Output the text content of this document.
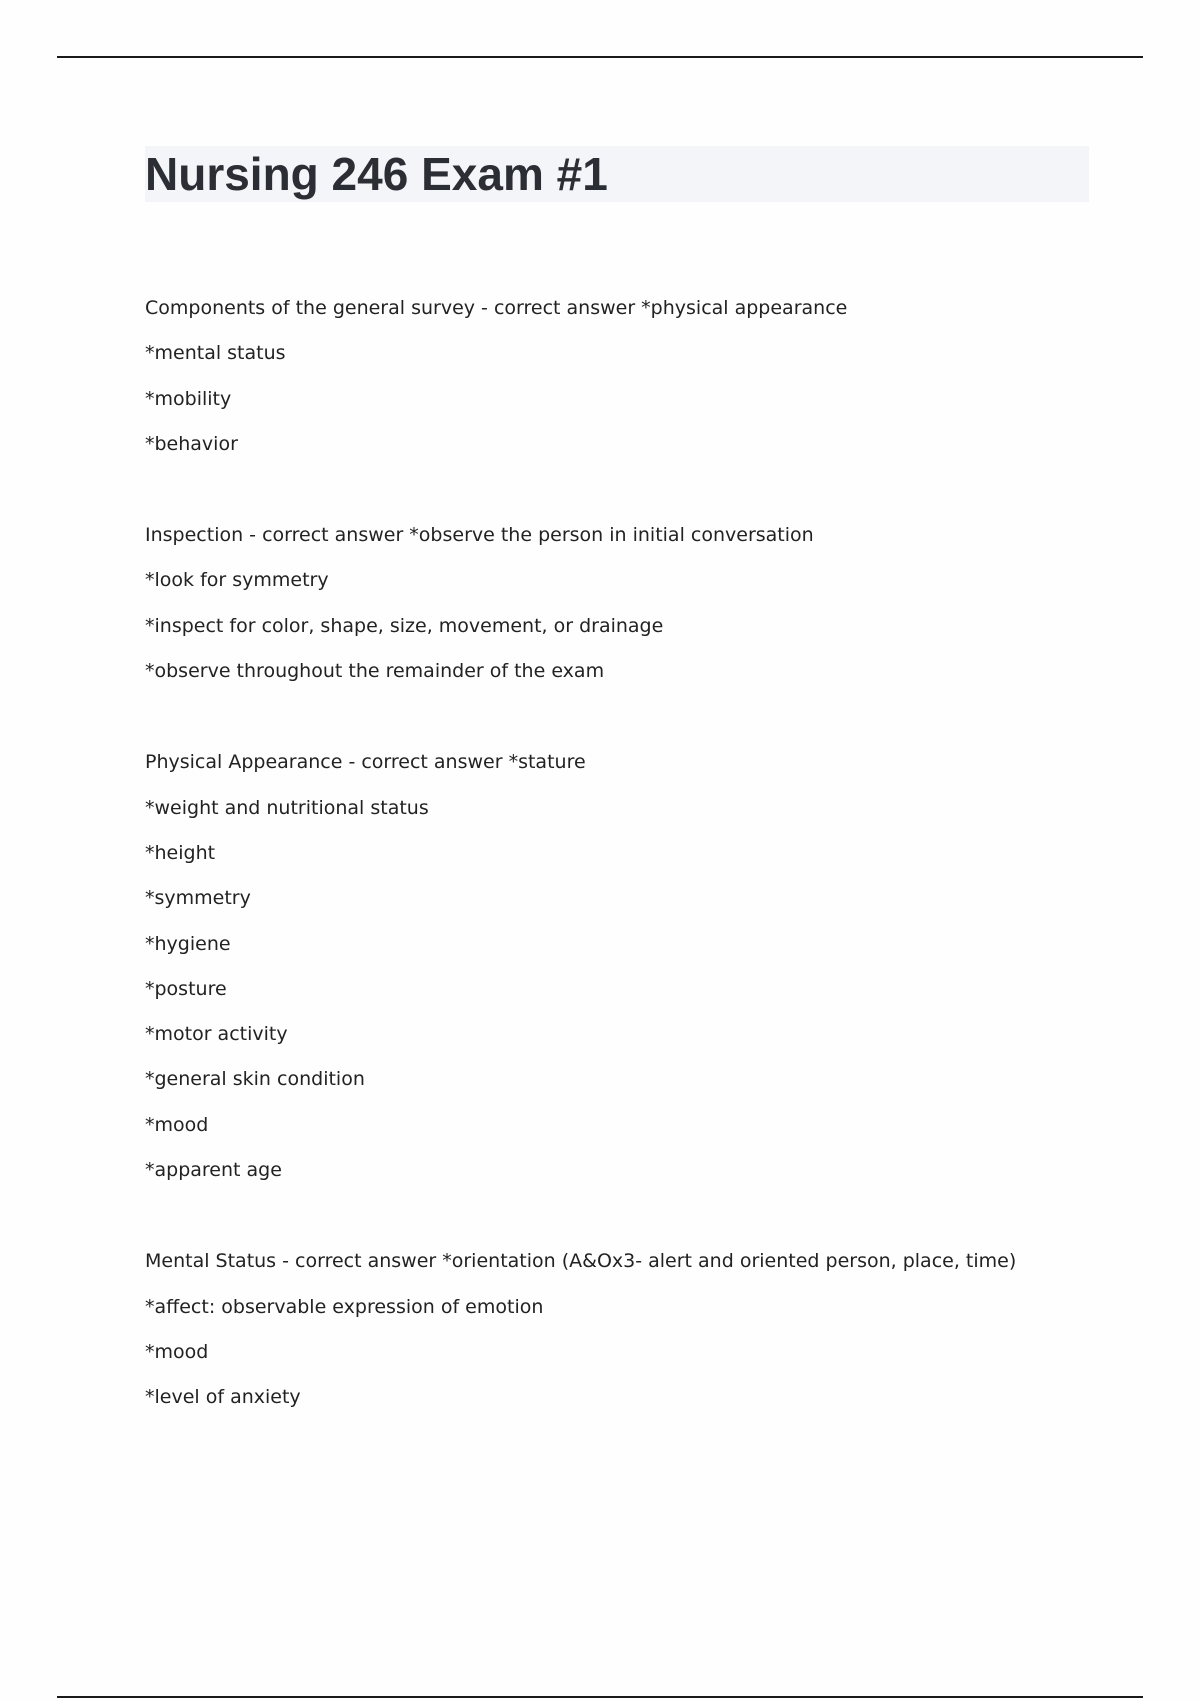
Nursing 246 Exam #1
Components of the general survey - correct answer *physical appearance
*mental status
*mobility
*behavior
Inspection - correct answer *observe the person in initial conversation
*look for symmetry
*inspect for color, shape, size, movement, or drainage
*observe throughout the remainder of the exam
Physical Appearance - correct answer *stature
*weight and nutritional status
*height
*symmetry
*hygiene
*posture
*motor activity
*general skin condition
*mood
*apparent age
Mental Status - correct answer *orientation (A&Ox3- alert and oriented person, place, time)
*affect: observable expression of emotion
*mood
*level of anxiety
